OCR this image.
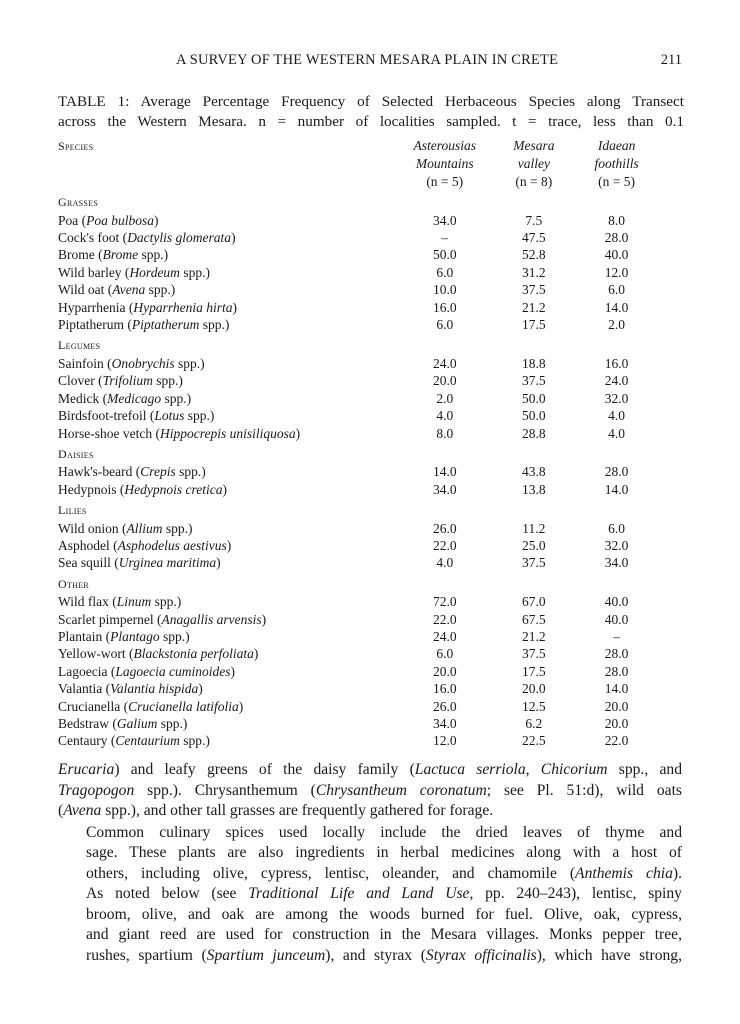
A SURVEY OF THE WESTERN MESARA PLAIN IN CRETE	211
TABLE 1: Average Percentage Frequency of Selected Herbaceous Species along Transect
across the Western Mesara. n = number of localities sampled. t = trace, less than 0.1
Species	Asterousias	Mesara	Idaean
	Mountains	valley	foothills
	(n = 5)	(n = 8)	(n = 5)
Grasses			
Poa (Poa bulbosa)	34.0	7.5	8.0
Cock's foot (Dactylis glomerata)	–	47.5	28.0
Brome (Brome spp.)	50.0	52.8	40.0
Wild barley (Hordeum spp.)	6.0	31.2	12.0
Wild oat (Avena spp.)	10.0	37.5	6.0
Hyparrhenia (Hyparrhenia hirta)	16.0	21.2	14.0
Piptatherum (Piptatherum spp.)	6.0	17.5	2.0
Legumes			
Sainfoin (Onobrychis spp.)	24.0	18.8	16.0
Clover (Trifolium spp.)	20.0	37.5	24.0
Medick (Medicago spp.)	2.0	50.0	32.0
Birdsfoot-trefoil (Lotus spp.)	4.0	50.0	4.0
Horse-shoe vetch (Hippocrepis unisiliquosa)	8.0	28.8	4.0
Daisies			
Hawk's-beard (Crepis spp.)	14.0	43.8	28.0
Hedypnois (Hedypnois cretica)	34.0	13.8	14.0
Lilies			
Wild onion (Allium spp.)	26.0	11.2	6.0
Asphodel (Asphodelus aestivus)	22.0	25.0	32.0
Sea squill (Urginea maritima)	4.0	37.5	34.0
Other			
Wild flax (Linum spp.)	72.0	67.0	40.0
Scarlet pimpernel (Anagallis arvensis)	22.0	67.5	40.0
Plantain (Plantago spp.)	24.0	21.2	–
Yellow-wort (Blackstonia perfoliata)	6.0	37.5	28.0
Lagoecia (Lagoecia cuminoides)	20.0	17.5	28.0
Valantia (Valantia hispida)	16.0	20.0	14.0
Crucianella (Crucianella latifolia)	26.0	12.5	20.0
Bedstraw (Galium spp.)	34.0	6.2	20.0
Centaury (Centaurium spp.)	12.0	22.5	22.0

Erucaria) and leafy greens of the daisy family (Lactuca serriola, Chicorium spp., and
Tragopogon spp.). Chrysanthemum (Chrysantheum coronatum; see Pl. 51:d), wild oats
(Avena spp.), and other tall grasses are frequently gathered for forage.

Common culinary spices used locally include the dried leaves of thyme and
sage. These plants are also ingredients in herbal medicines along with a host of
others, including olive, cypress, lentisc, oleander, and chamomile (Anthemis chia).
As noted below (see Traditional Life and Land Use, pp. 240–243), lentisc, spiny
broom, olive, and oak are among the woods burned for fuel. Olive, oak, cypress,
and giant reed are used for construction in the Mesara villages. Monks pepper tree,
rushes, spartium (Spartium junceum), and styrax (Styrax officinalis), which have strong,
